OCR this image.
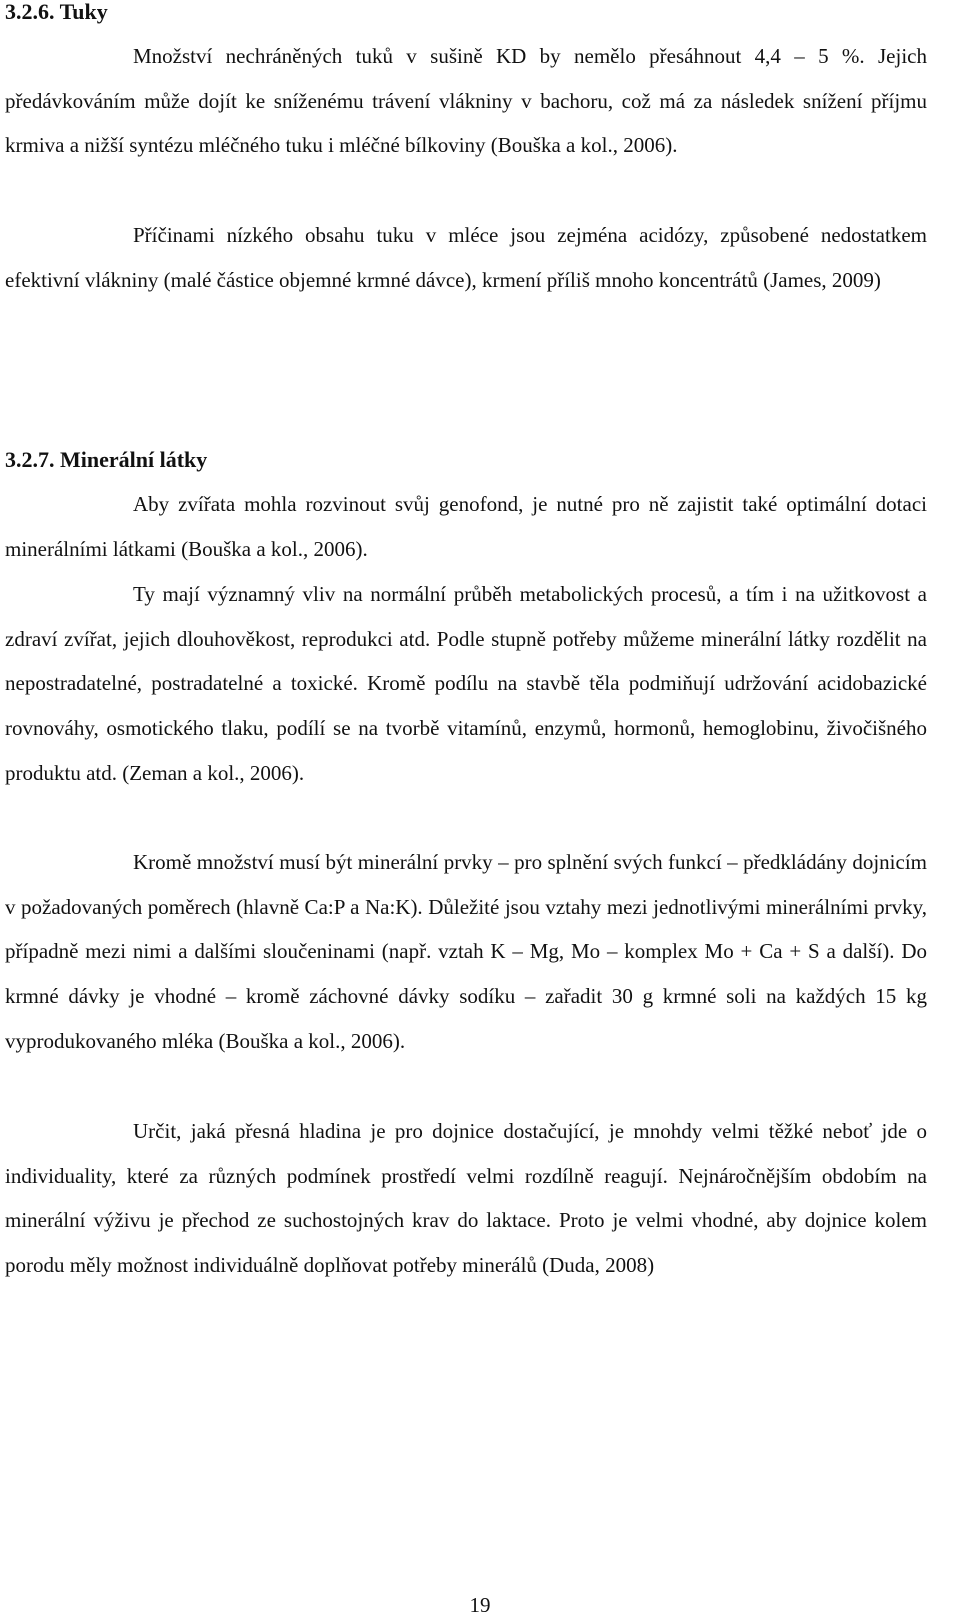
3.2.6. Tuky

Množství nechráněných tuků v sušině KD by nemělo přesáhnout 4,4 – 5 %. Jejich předávkováním může dojít ke sníženému trávení vlákniny v bachoru, což má za následek snížení příjmu krmiva a nižší syntézu mléčného tuku i mléčné bílkoviny (Bouška a kol., 2006).

Příčinami nízkého obsahu tuku v mléce jsou zejména acidózy, způsobené nedostatkem efektivní vlákniny (malé částice objemné krmné dávce), krmení příliš mnoho koncentrátů (James, 2009)

3.2.7. Minerální látky

Aby zvířata mohla rozvinout svůj genofond, je nutné pro ně zajistit také optimální dotaci minerálními látkami (Bouška a kol., 2006).

Ty mají významný vliv na normální průběh metabolických procesů, a tím i na užitkovost a zdraví zvířat, jejich dlouhověkost, reprodukci atd. Podle stupně potřeby můžeme minerální látky rozdělit na nepostradatelné, postradatelné a toxické. Kromě podílu na stavbě těla podmiňují udržování acidobazické rovnováhy, osmotického tlaku, podílí se na tvorbě vitamínů, enzymů, hormonů, hemoglobinu, živočišného produktu atd. (Zeman a kol., 2006).

Kromě množství musí být minerální prvky – pro splnění svých funkcí – předkládány dojnicím v požadovaných poměrech (hlavně Ca:P a Na:K). Důležité jsou vztahy mezi jednotlivými minerálními prvky, případně mezi nimi a dalšími sloučeninami (např. vztah K – Mg, Mo – komplex Mo + Ca + S a další). Do krmné dávky je vhodné – kromě záchovné dávky sodíku – zařadit 30 g krmné soli na každých 15 kg vyprodukovaného mléka (Bouška a kol., 2006).

Určit, jaká přesná hladina je pro dojnice dostačující, je mnohdy velmi těžké neboť jde o individuality, které za různých podmínek prostředí velmi rozdílně reagují. Nejnáročnějším obdobím na minerální výživu je přechod ze suchostojných krav do laktace. Proto je velmi vhodné, aby dojnice kolem porodu měly možnost individuálně doplňovat potřeby minerálů (Duda, 2008)

19
